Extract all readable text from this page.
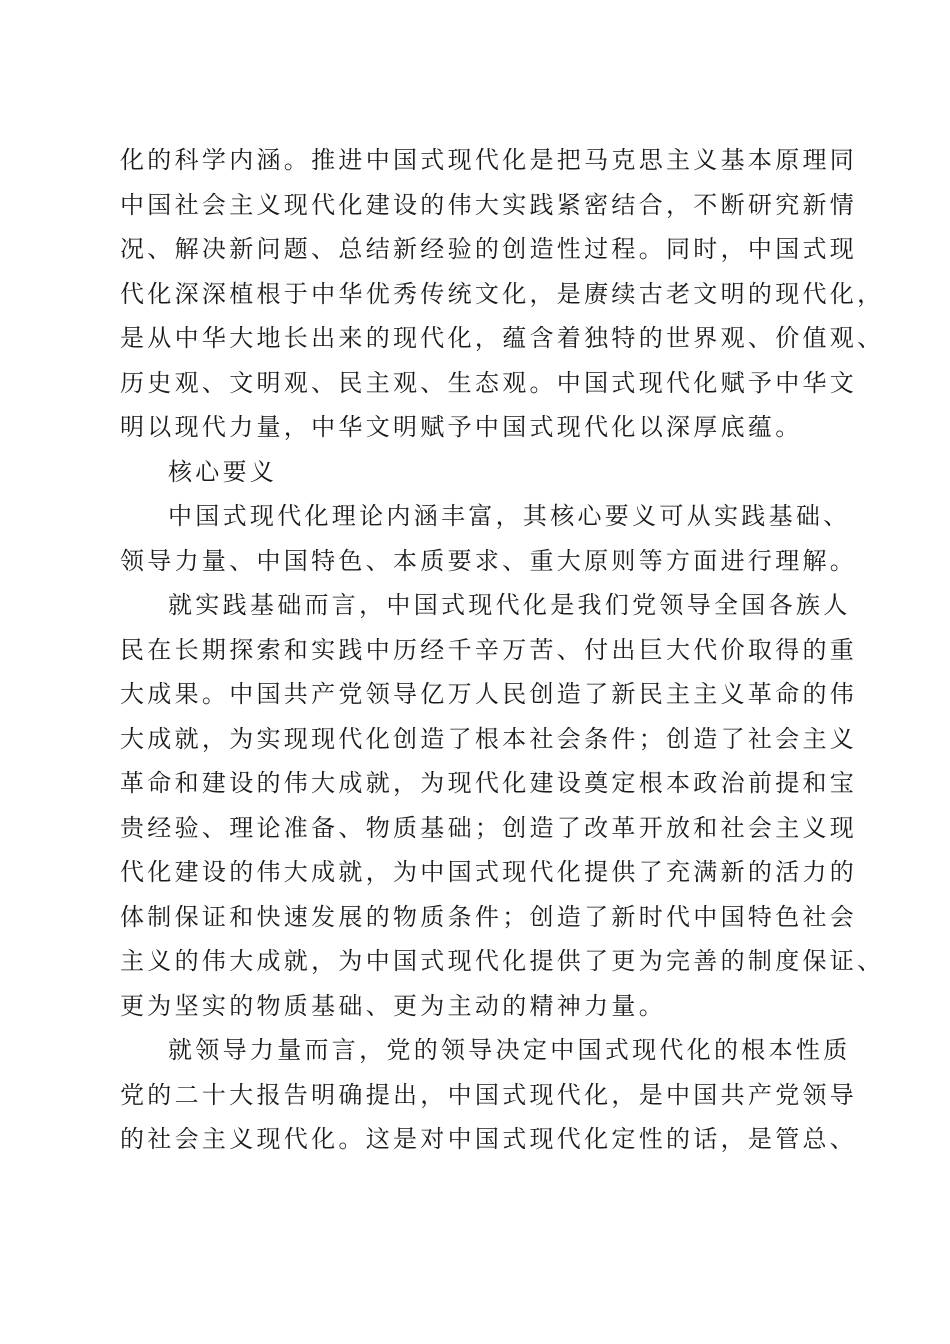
化的科学内涵。推进中国式现代化是把马克思主义基本原理同
中国社会主义现代化建设的伟大实践紧密结合，不断研究新情
况、解决新问题、总结新经验的创造性过程。同时，中国式现
代化深深植根于中华优秀传统文化，是赓续古老文明的现代化，
是从中华大地长出来的现代化，蕴含着独特的世界观、价值观、
历史观、文明观、民主观、生态观。中国式现代化赋予中华文
明以现代力量，中华文明赋予中国式现代化以深厚底蕴。
核心要义
中国式现代化理论内涵丰富，其核心要义可从实践基础、
领导力量、中国特色、本质要求、重大原则等方面进行理解。
就实践基础而言，中国式现代化是我们党领导全国各族人
民在长期探索和实践中历经千辛万苦、付出巨大代价取得的重
大成果。中国共产党领导亿万人民创造了新民主主义革命的伟
大成就，为实现现代化创造了根本社会条件；创造了社会主义
革命和建设的伟大成就，为现代化建设奠定根本政治前提和宝
贵经验、理论准备、物质基础；创造了改革开放和社会主义现
代化建设的伟大成就，为中国式现代化提供了充满新的活力的
体制保证和快速发展的物质条件；创造了新时代中国特色社会
主义的伟大成就，为中国式现代化提供了更为完善的制度保证、
更为坚实的物质基础、更为主动的精神力量。
就领导力量而言，党的领导决定中国式现代化的根本性质
党的二十大报告明确提出，中国式现代化，是中国共产党领导
的社会主义现代化。这是对中国式现代化定性的话，是管总、
